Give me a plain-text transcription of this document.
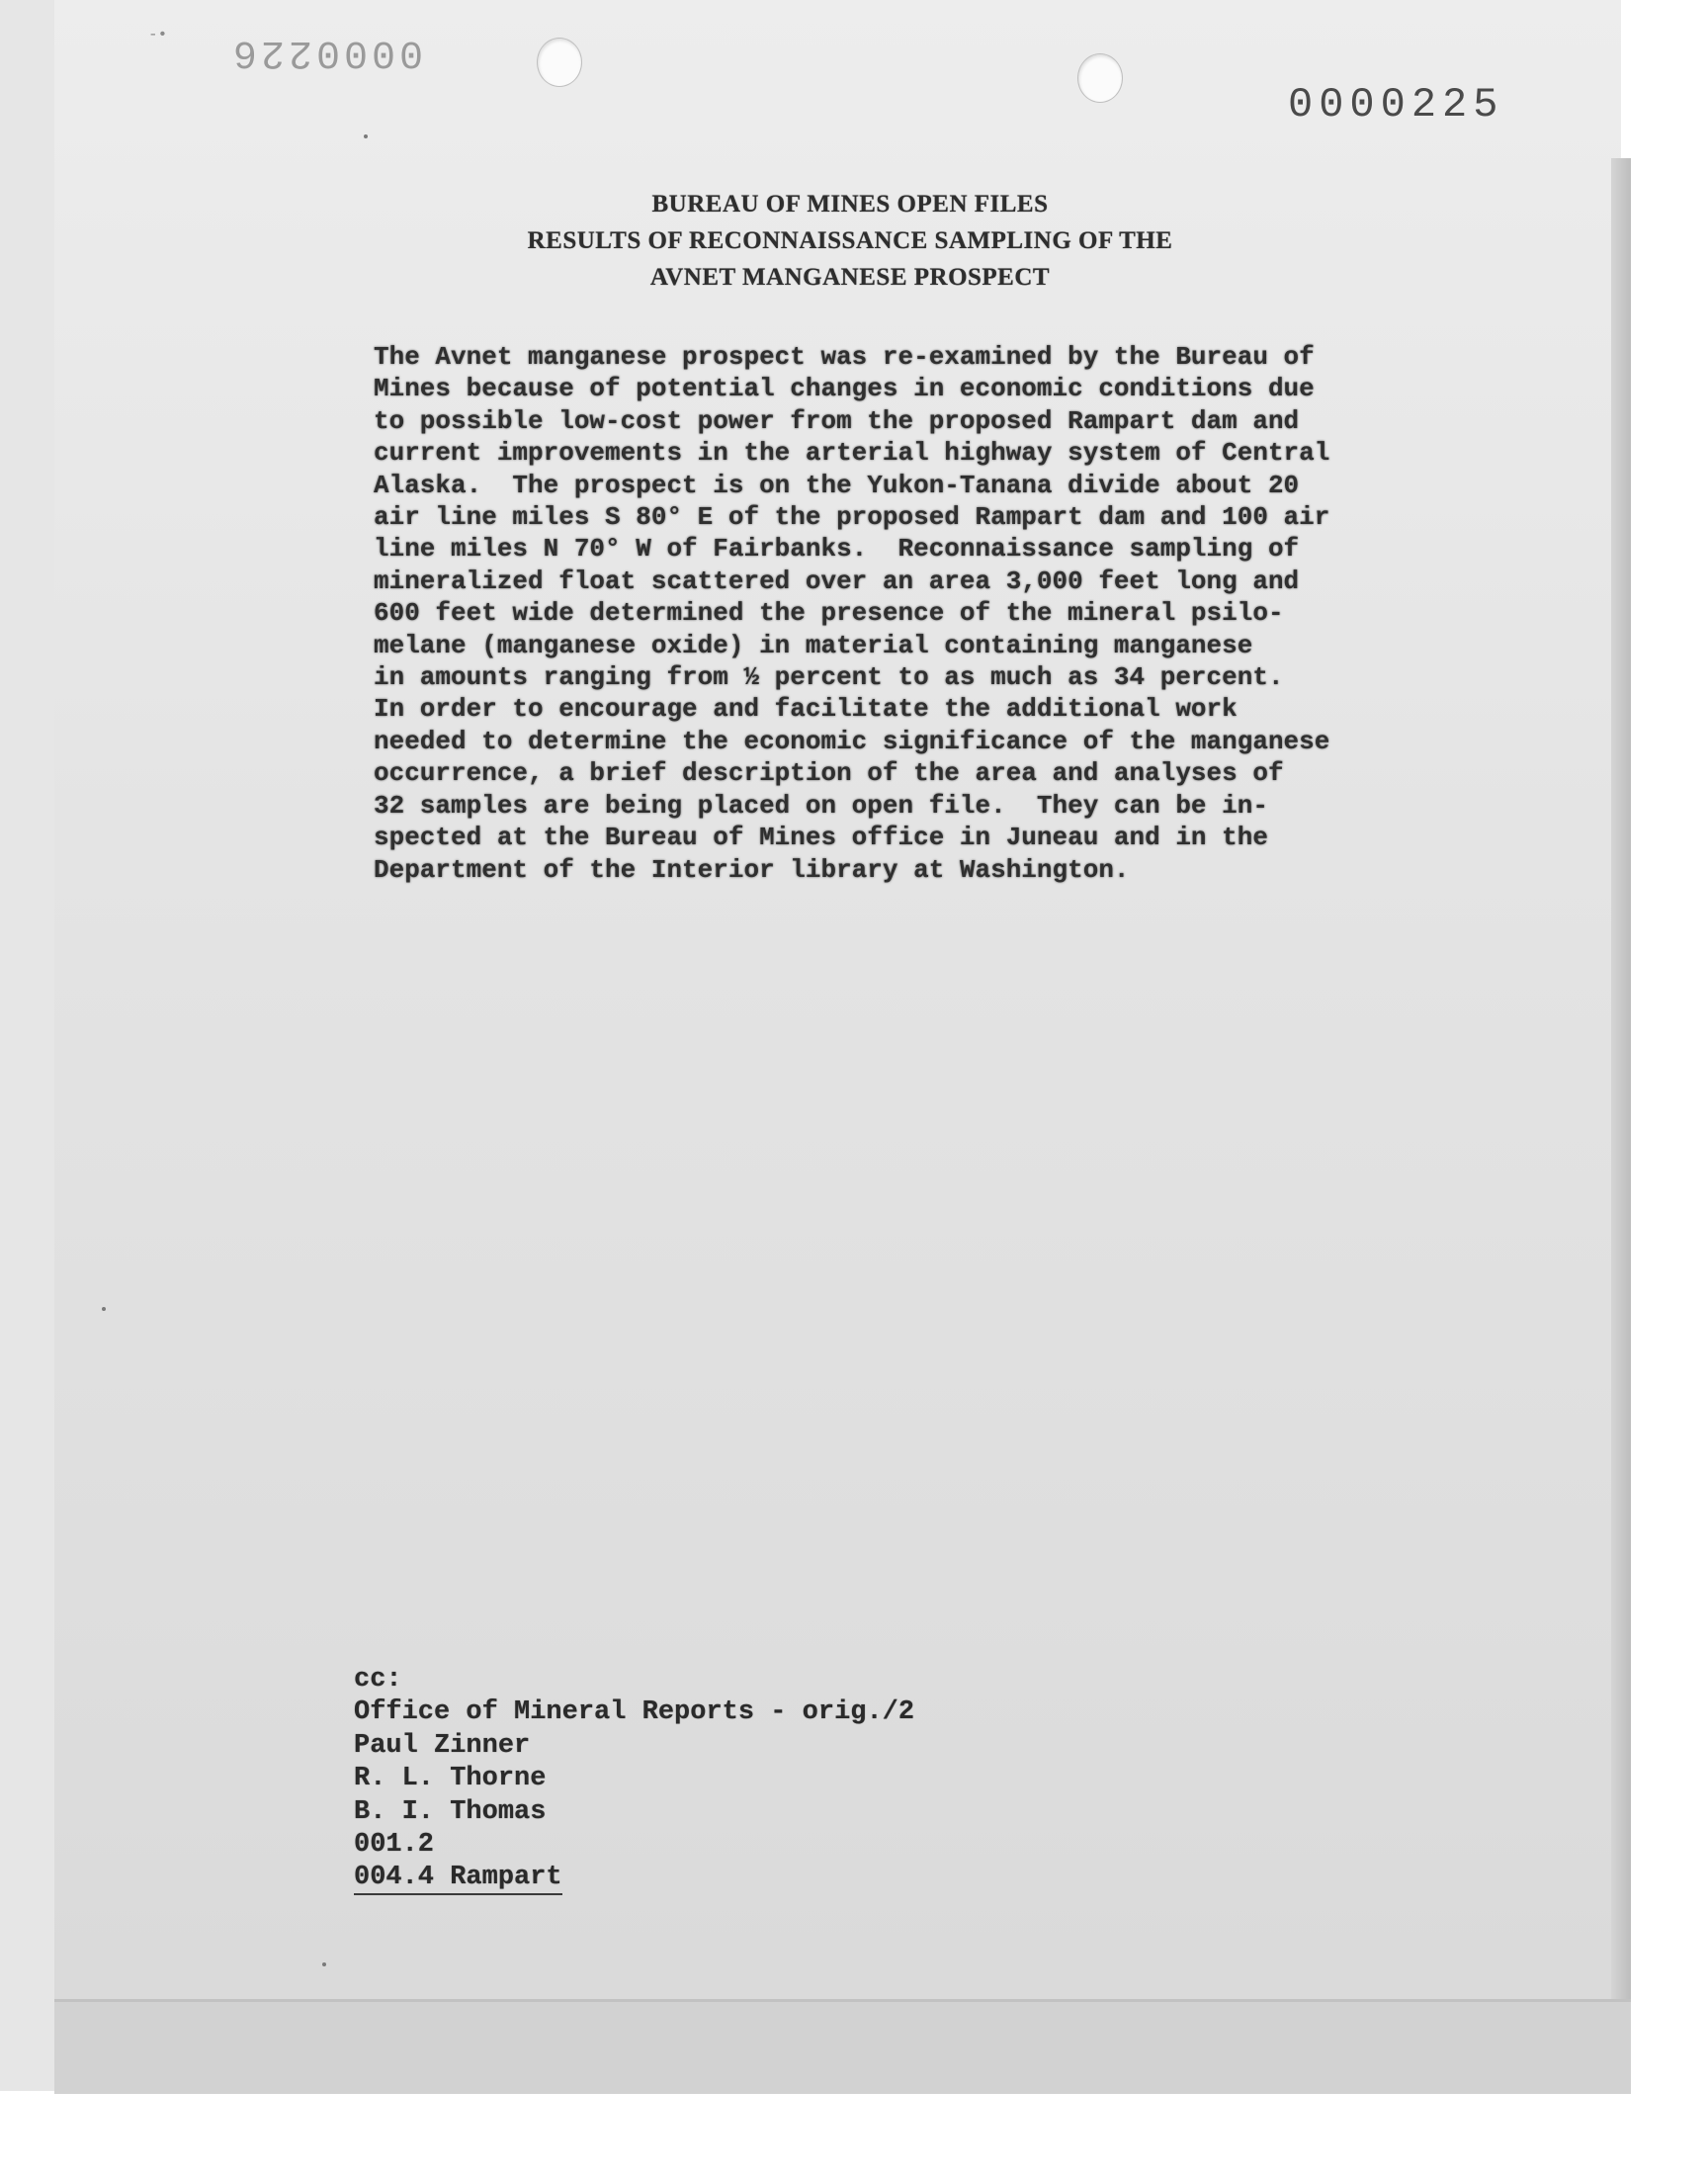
-• 0000226
0000225
BUREAU OF MINES OPEN FILES
RESULTS OF RECONNAISSANCE SAMPLING OF THE
AVNET MANGANESE PROSPECT
The Avnet manganese prospect was re-examined by the Bureau of
Mines because of potential changes in economic conditions due
to possible low-cost power from the proposed Rampart dam and
current improvements in the arterial highway system of Central
Alaska.  The prospect is on the Yukon-Tanana divide about 20
air line miles S 80° E of the proposed Rampart dam and 100 air
line miles N 70° W of Fairbanks.  Reconnaissance sampling of
mineralized float scattered over an area 3,000 feet long and
600 feet wide determined the presence of the mineral psilo-
melane (manganese oxide) in material containing manganese
in amounts ranging from ½ percent to as much as 34 percent.
In order to encourage and facilitate the additional work
needed to determine the economic significance of the manganese
occurrence, a brief description of the area and analyses of
32 samples are being placed on open file.  They can be in-
spected at the Bureau of Mines office in Juneau and in the
Department of the Interior library at Washington.
cc:
Office of Mineral Reports - orig./2
Paul Zinner
R. L. Thorne
B. I. Thomas
001.2
004.4 Rampart
